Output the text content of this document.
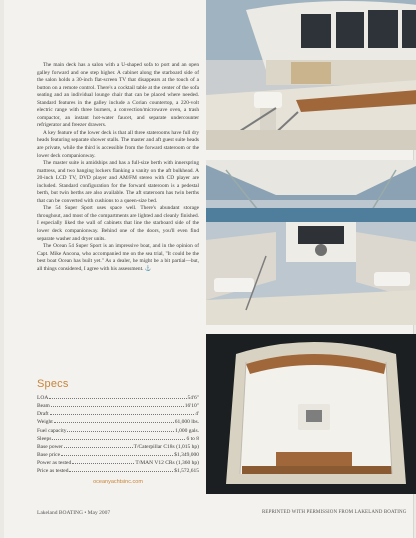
The main deck has a salon with a U-shaped sofa to port and an open galley forward and one step higher. A cabinet along the starboard side of the salon holds a 30-inch flat-screen TV that disappears at the touch of a button on a remote control. There's a cocktail table at the center of the sofa seating and an individual lounge chair that can be placed where needed. Standard features in the galley include a Corian countertop, a 220-volt electric range with three burners, a convection/microwave oven, a trash compactor, an instant hot-water faucet, and separate undercounter refrigerator and freezer drawers.

A key feature of the lower deck is that all three staterooms have full dry heads featuring separate shower stalls. The master and aft guest suite heads are private, while the third is accessible from the forward stateroom or the lower deck companionway.

The master suite is amidships and has a full-size berth with innerspring mattress, and two hanging lockers flanking a vanity on the aft bulkhead. A 20-inch LCD TV, DVD player and AM/FM stereo with CD player are included. Standard configuration for the forward stateroom is a pedestal berth, but twin berths are also available. The aft stateroom has twin berths that can be converted with cushions to a queen-size bed.

The 54 Super Sport uses space well. There's abundant storage throughout, and most of the compartments are lighted and cleanly finished. I especially liked the wall of cabinets that line the starboard side of the lower deck companionway. Behind one of the doors, you'll even find separate washer and dryer units.

The Ocean 54 Super Sport is an impressive boat, and in the opinion of Capt. Mike Ancona, who accompanied me on the sea trial, "It could be the best boat Ocean has built yet." As a dealer, he might be a bit partial—but, all things considered, I agree with his assessment. ⚓

Specs
LOA	54'6"
Beam	16'10"
Draft	4'
Weight	61,000 lbs.
Fuel capacity	1,000 gals.
Sleeps	6 to 8
Base power	T/Caterpillar C18s (1,015 hp)
Base price	$1,349,000
Power as tested	T/MAN V12 CRs (1,360 hp)
Price as tested	$1,572,615
oceanyachtsinc.com
Lakeland BOATING • May 2007	REPRINTED WITH PERMISSION FROM LAKELAND BOATING
